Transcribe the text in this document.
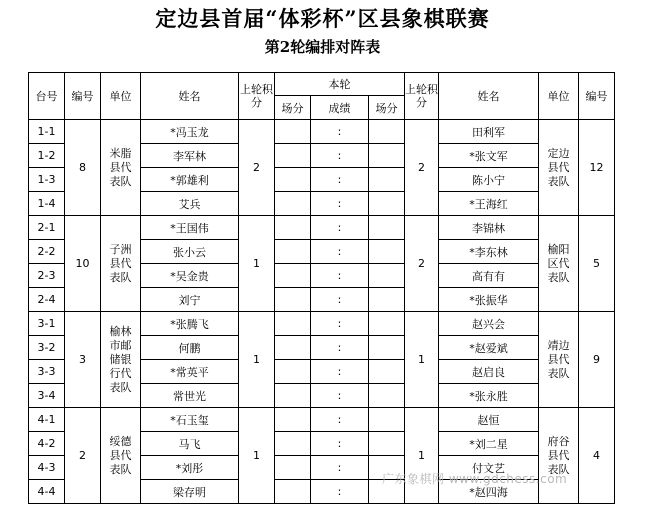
定边县首届“体彩杯”区县象棋联赛
第2轮编排对阵表
台号	编号	单位	姓名	上轮积分	本轮			上轮积分	姓名	单位	编号
					场分	成绩	场分				
1-1	8	米脂县代表队	*冯玉龙	2		:		2	田利军	定边县代表队	12
1-2			李军林			:			*张文军		
1-3			*郭雄利			:			陈小宁		
1-4			艾兵			:			*王海红		
2-1	10	子洲县代表队	*王国伟	1		:		2	李锦林	榆阳区代表队	5
2-2			张小云			:			*李东林		
2-3			*吴金贵			:			高有有		
2-4			刘宁			:			*张振华		
3-1	3	榆林市邮储银行代表队	*张腾飞	1		:		1	赵兴会	靖边县代表队	9
3-2			何鹏			:			*赵爱斌		
3-3			*常英平			:			赵启良		
3-4			常世光			:			*张永胜		
4-1	2	绥德县代表队	*石玉玺	1		:		1	赵恒	府谷县代表队	4
4-2			马飞			:			*刘二星		
4-3			*刘彤			:			付文艺		
4-4			梁存明			:			*赵四海		
广东象棋网 www.gdchess.com
